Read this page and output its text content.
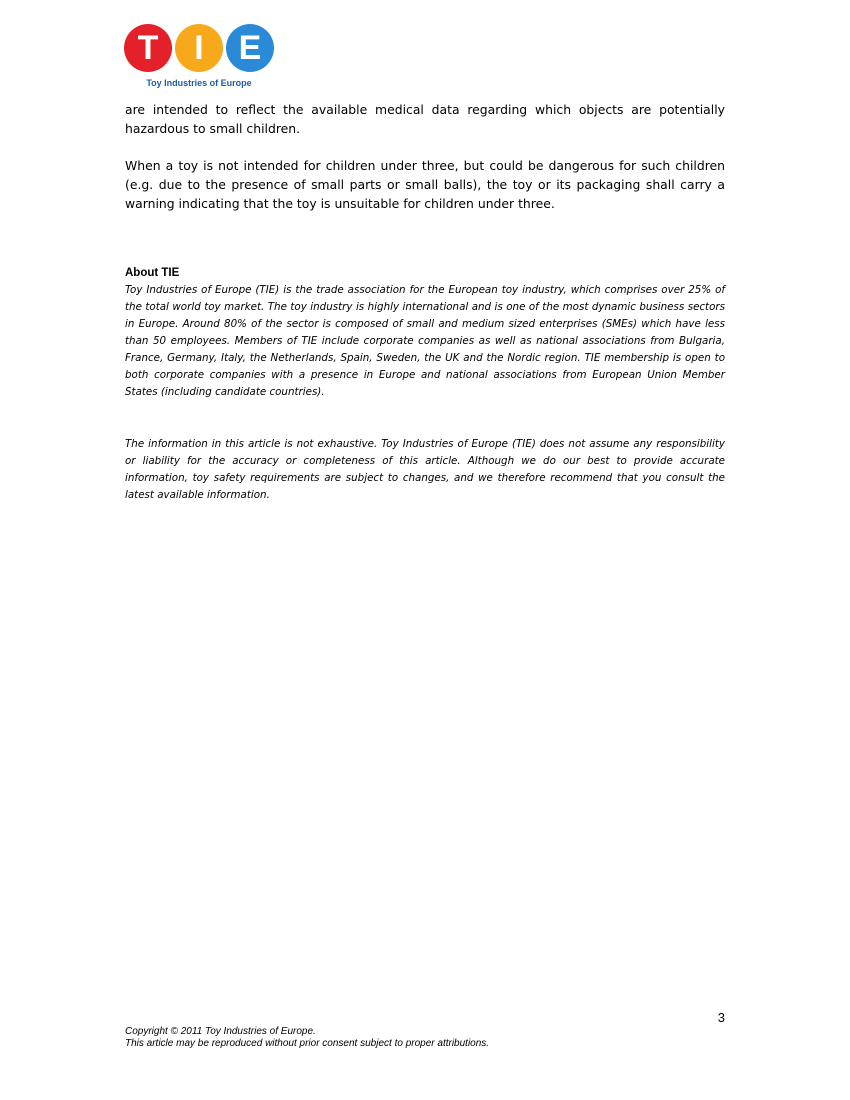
T	I	E
Toy Industries of Europe

are intended to reflect the available medical data regarding which objects are potentially hazardous to small children.

When a toy is not intended for children under three, but could be dangerous for such children (e.g. due to the presence of small parts or small balls), the toy or its packaging shall carry a warning indicating that the toy is unsuitable for children under three.

About TIE

Toy Industries of Europe (TIE) is the trade association for the European toy industry, which comprises over 25% of the total world toy market. The toy industry is highly international and is one of the most dynamic business sectors in Europe. Around 80% of the sector is composed of small and medium sized enterprises (SMEs) which have less than 50 employees. Members of TIE include corporate companies as well as national associations from Bulgaria, France, Germany, Italy, the Netherlands, Spain, Sweden, the UK and the Nordic region. TIE membership is open to both corporate companies with a presence in Europe and national associations from European Union Member States (including candidate countries).

The information in this article is not exhaustive. Toy Industries of Europe (TIE) does not assume any responsibility or liability for the accuracy or completeness of this article. Although we do our best to provide accurate information, toy safety requirements are subject to changes, and we therefore recommend that you consult the latest available information.

3
Copyright © 2011 Toy Industries of Europe.
This article may be reproduced without prior consent subject to proper attributions.
